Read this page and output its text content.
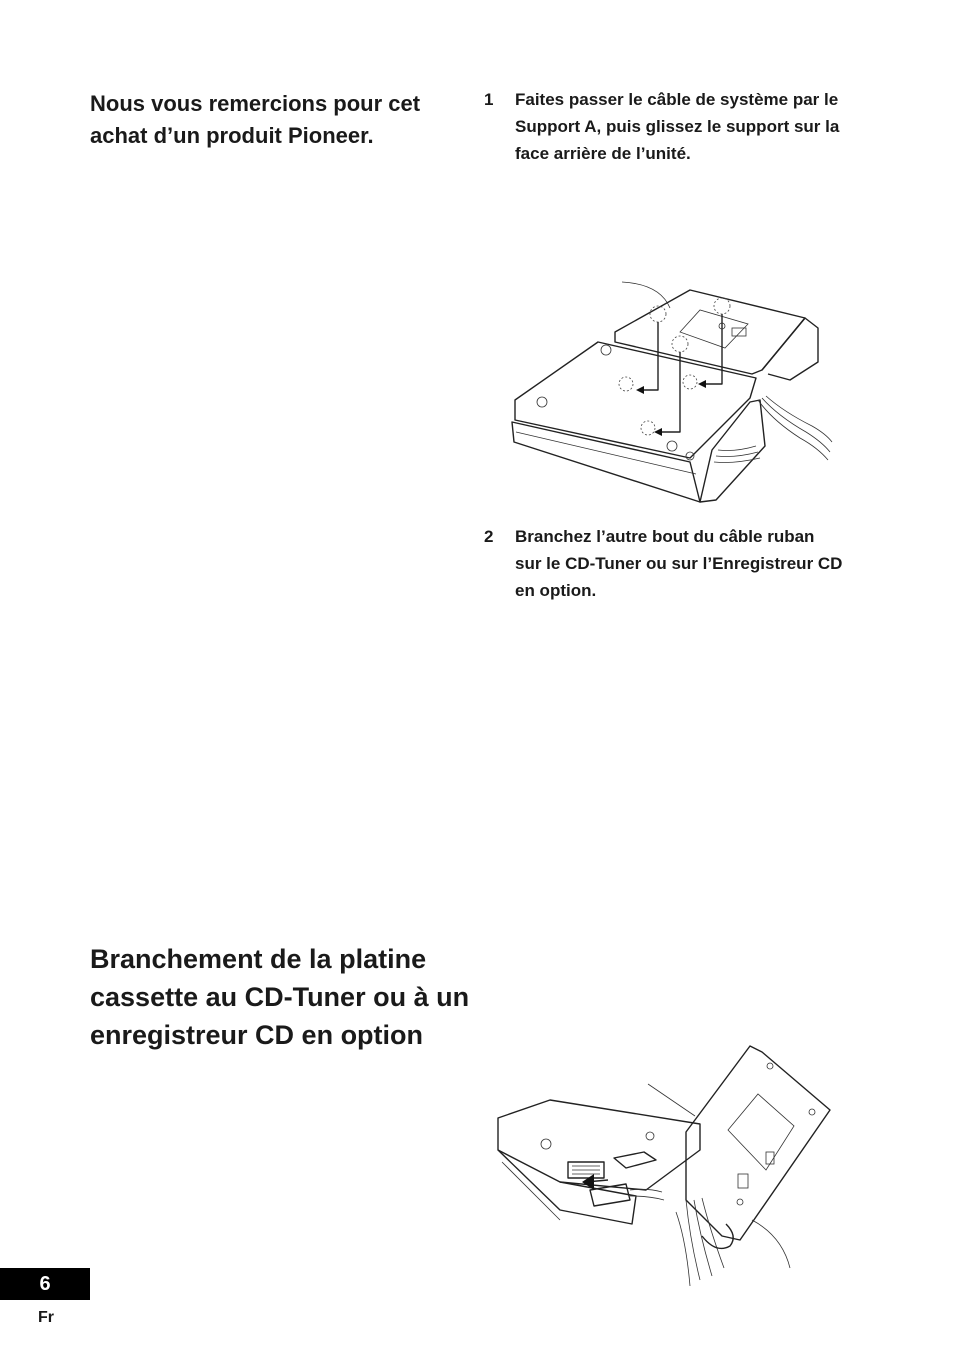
Nous vous remercions pour cet achat d’un produit Pioneer.
1	Faites passer le câble de système par le Support A, puis glissez le support sur la face arrière de l’unité.
2	Branchez l’autre bout du câble ruban sur le CD-Tuner ou sur l’Enregistreur CD en option.
Branchement de la platine cassette au CD-Tuner ou à un enregistreur CD en option
6
Fr
